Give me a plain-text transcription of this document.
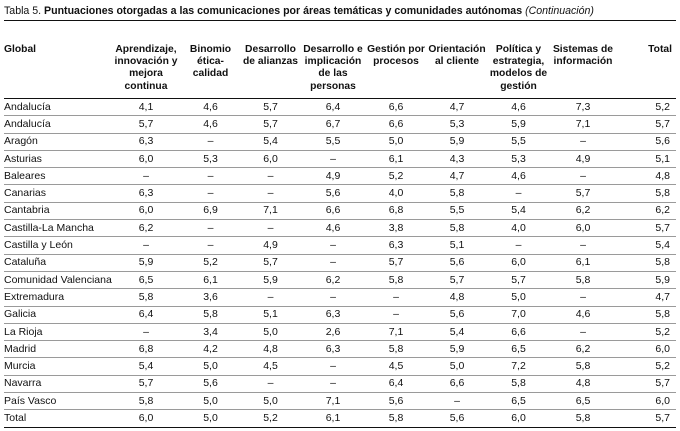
Tabla 5. Puntuaciones otorgadas a las comunicaciones por áreas temáticas y comunidades autónomas (Continuación)
Global	Aprendizaje, innovación y mejora continua	Binomio ética-calidad	Desarrollo de alianzas	Desarrollo e implicación de las personas	Gestión por procesos	Orientación al cliente	Política y estrategia, modelos de gestión	Sistemas de información	Total
Andalucía	4,1	4,6	5,7	6,4	6,6	4,7	4,6	7,3	5,2
Andalucía	5,7	4,6	5,7	6,7	6,6	5,3	5,9	7,1	5,7
Aragón	6,3	–	5,4	5,5	5,0	5,9	5,5	–	5,6
Asturias	6,0	5,3	6,0	–	6,1	4,3	5,3	4,9	5,1
Baleares	–	–	–	4,9	5,2	4,7	4,6	–	4,8
Canarias	6,3	–	–	5,6	4,0	5,8	–	5,7	5,8
Cantabria	6,0	6,9	7,1	6,6	6,8	5,5	5,4	6,2	6,2
Castilla-La Mancha	6,2	–	–	4,6	3,8	5,8	4,0	6,0	5,7
Castilla y León	–	–	4,9	–	6,3	5,1	–	–	5,4
Cataluña	5,9	5,2	5,7	–	5,7	5,6	6,0	6,1	5,8
Comunidad Valenciana	6,5	6,1	5,9	6,2	5,8	5,7	5,7	5,8	5,9
Extremadura	5,8	3,6	–	–	–	4,8	5,0	–	4,7
Galicia	6,4	5,8	5,1	6,3	–	5,6	7,0	4,6	5,8
La Rioja	–	3,4	5,0	2,6	7,1	5,4	6,6	–	5,2
Madrid	6,8	4,2	4,8	6,3	5,8	5,9	6,5	6,2	6,0
Murcia	5,4	5,0	4,5	–	4,5	5,0	7,2	5,8	5,2
Navarra	5,7	5,6	–	–	6,4	6,6	5,8	4,8	5,7
País Vasco	5,8	5,0	5,0	7,1	5,6	–	6,5	6,5	6,0
Total	6,0	5,0	5,2	6,1	5,8	5,6	6,0	5,8	5,7
